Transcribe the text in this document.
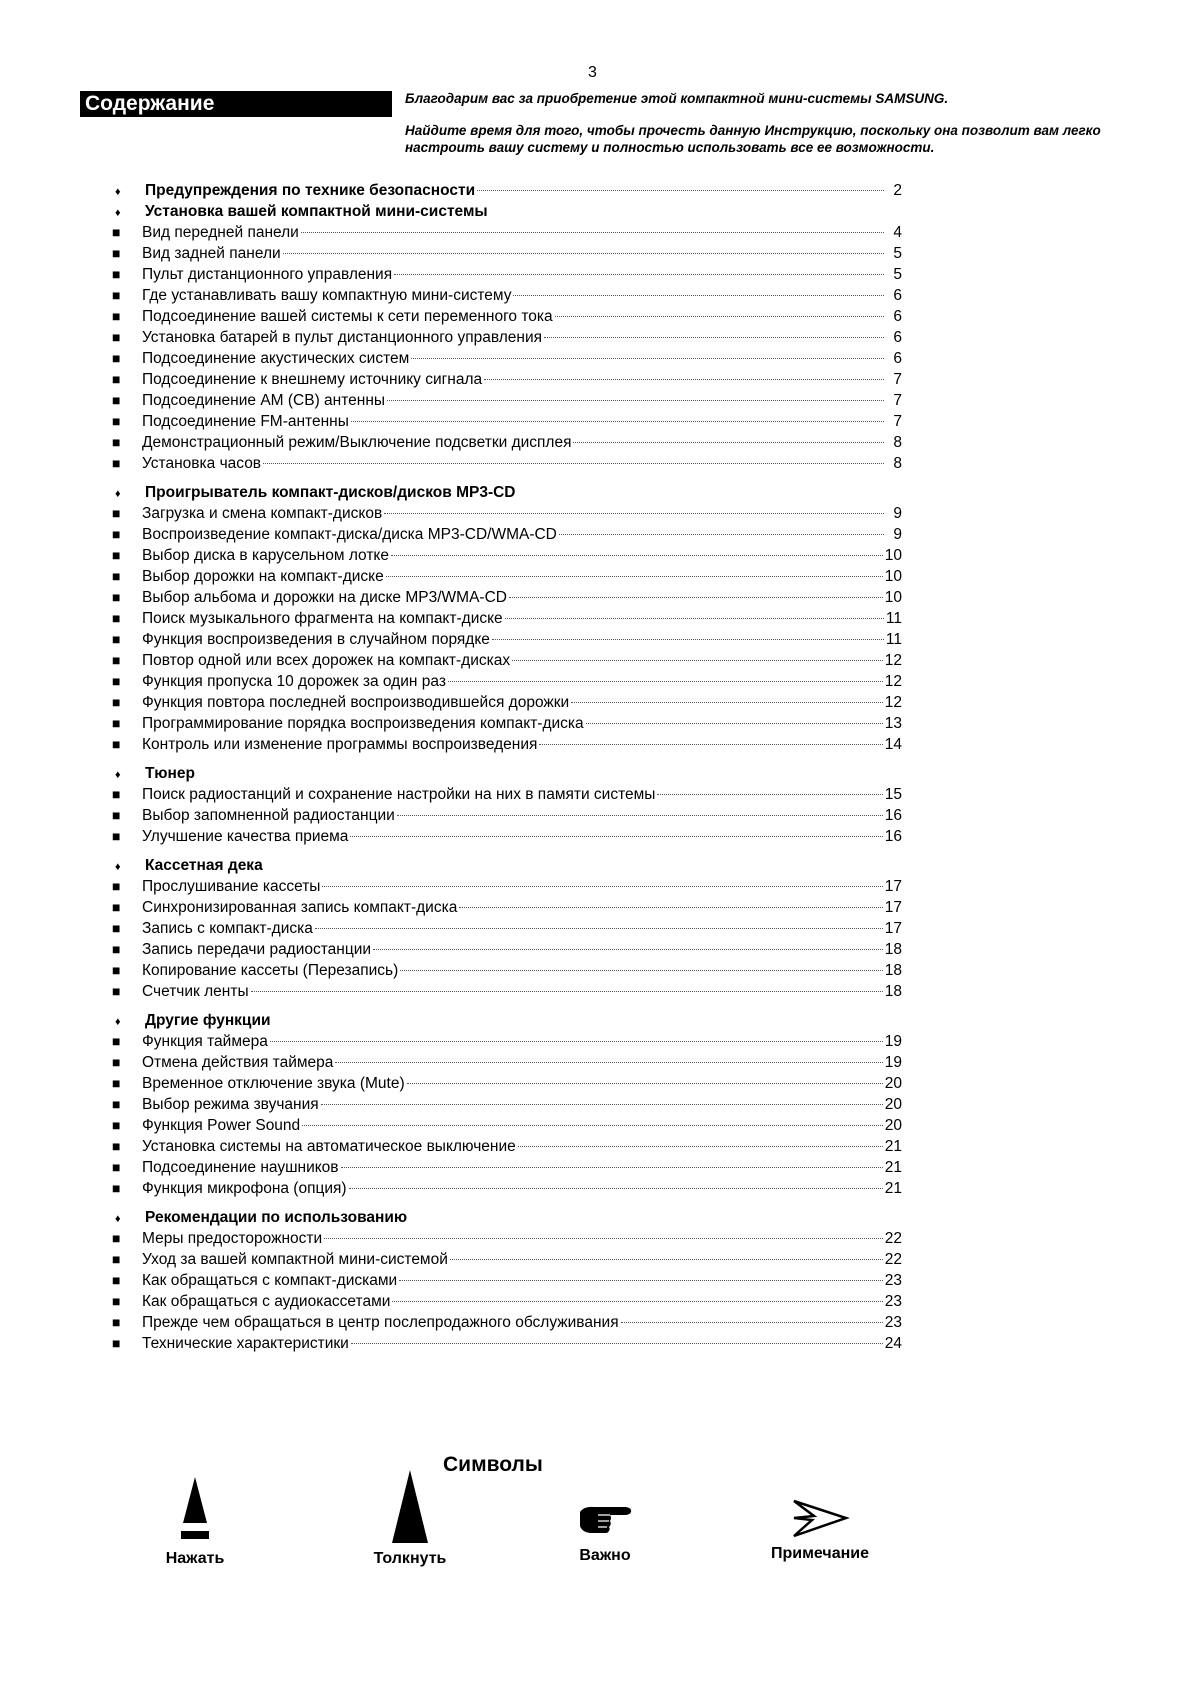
3
Содержание	Благодарим вас за приобретение этой компактной мини-системы SAMSUNG.
Найдите время для того, чтобы прочесть данную Инструкцию, поскольку она позволит вам легко настроить вашу систему и полностью использовать все ее возможности.
♦	Предупреждения по технике безопасности	2
♦	Установка вашей компактной мини-системы
■	Вид передней панели	4
■	Вид задней панели	5
■	Пульт дистанционного управления	5
■	Где устанавливать вашу компактную мини-систему	6
■	Подсоединение вашей системы к сети переменного тока	6
■	Установка батарей в пульт дистанционного управления	6
■	Подсоединение акустических систем	6
■	Подсоединение к внешнему источнику сигнала	7
■	Подсоединение AM (СВ) антенны	7
■	Подсоединение FM-антенны	7
■	Демонстрационный режим/Выключение подсветки дисплея	8
■	Установка часов	8
♦	Проигрыватель компакт-дисков/дисков MP3-CD
■	Загрузка и смена компакт-дисков	9
■	Воспроизведение компакт-диска/диска MP3-CD/WMA-CD	9
■	Выбор диска в карусельном лотке	10
■	Выбор дорожки на компакт-диске	10
■	Выбор альбома и дорожки на диске MP3/WMA-CD	10
■	Поиск музыкального фрагмента на компакт-диске	11
■	Функция воспроизведения в случайном порядке	11
■	Повтор одной или всех дорожек на компакт-дисках	12
■	Функция пропуска 10 дорожек за один раз	12
■	Функция повтора последней воспроизводившейся дорожки	12
■	Программирование порядка воспроизведения компакт-диска	13
■	Контроль или изменение программы воспроизведения	14
♦	Тюнер
■	Поиск радиостанций и сохранение настройки на них в памяти системы	15
■	Выбор запомненной радиостанции	16
■	Улучшение качества приема	16
♦	Кассетная дека
■	Прослушивание кассеты	17
■	Синхронизированная запись компакт-диска	17
■	Запись с компакт-диска	17
■	Запись передачи радиостанции	18
■	Копирование кассеты (Перезапись)	18
■	Счетчик ленты	18
♦	Другие функции
■	Функция таймера	19
■	Отмена действия таймера	19
■	Временное отключение звука (Mute)	20
■	Выбор режима звучания	20
■	Функция Power Sound	20
■	Установка системы на автоматическое выключение	21
■	Подсоединение наушников	21
■	Функция микрофона (опция)	21
♦	Рекомендации по использованию
■	Меры предосторожности	22
■	Уход за вашей компактной мини-системой	22
■	Как обращаться с компакт-дисками	23
■	Как обращаться с аудиокассетами	23
■	Прежде чем обращаться в центр послепродажного обслуживания	23
■	Технические характеристики	24
Символы
Нажать	Толкнуть	Важно	Примечание
